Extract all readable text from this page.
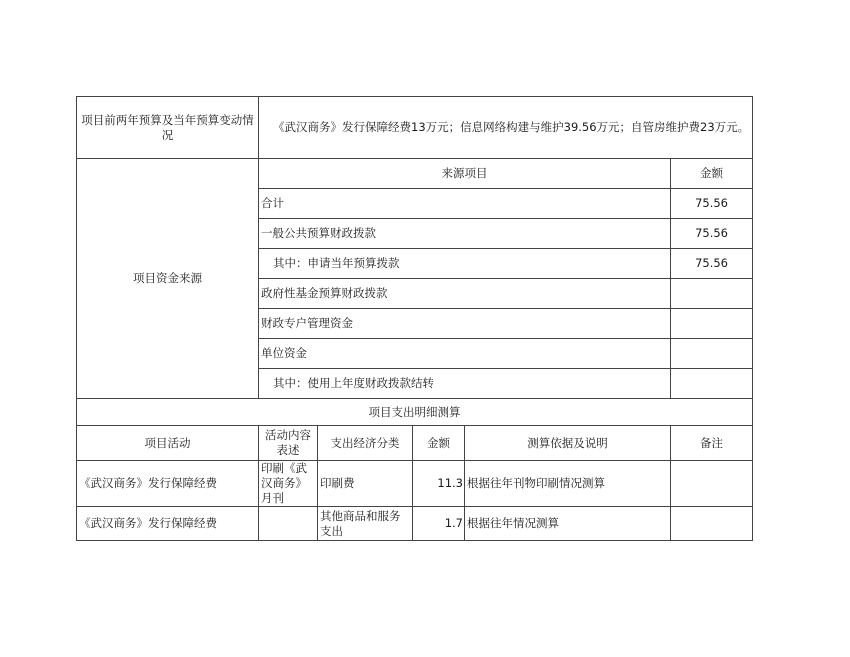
项目前两年预算及当年预算变动情况	《武汉商务》发行保障经费13万元；信息网络构建与维护39.56万元；自管房维护费23万元。				
项目资金来源	来源项目				金额
	合计				75.56
	一般公共预算财政拨款				75.56
	其中：申请当年预算拨款				75.56
	政府性基金预算财政拨款				
	财政专户管理资金				
	单位资金				
	其中：使用上年度财政拨款结转				
项目支出明细测算					
项目活动	活动内容表述	支出经济分类	金额	测算依据及说明	备注
《武汉商务》发行保障经费	印刷《武汉商务》月刊	印刷费	11.3	根据往年刊物印刷情况测算	
《武汉商务》发行保障经费		其他商品和服务支出	1.7	根据往年情况测算	
